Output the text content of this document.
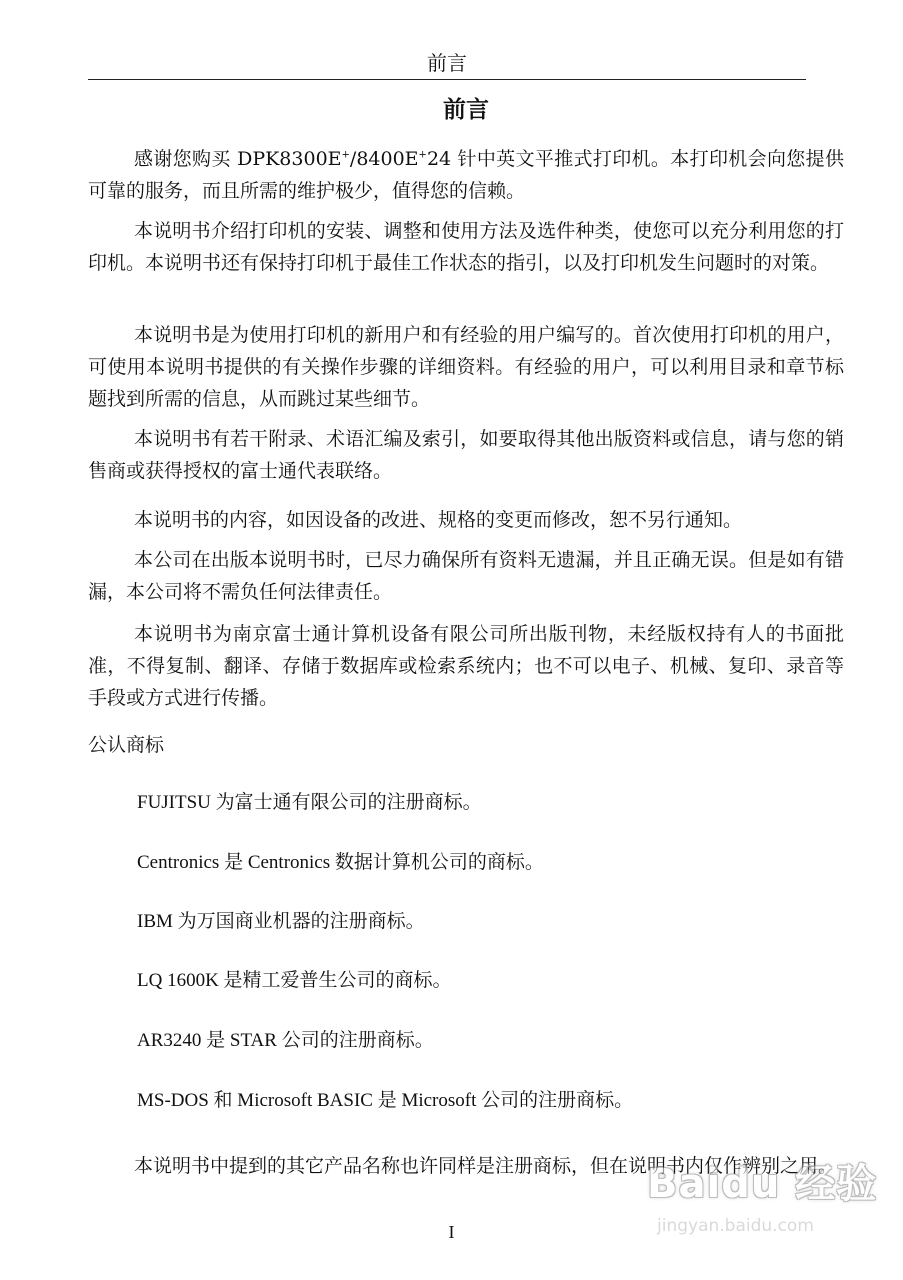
前言
前言

感谢您购买 DPK8300E+/8400E+24 针中英文平推式打印机。本打印机会向您提供可靠的服务，而且所需的维护极少，值得您的信赖。

本说明书介绍打印机的安装、调整和使用方法及选件种类，使您可以充分利用您的打印机。本说明书还有保持打印机于最佳工作状态的指引，以及打印机发生问题时的对策。

本说明书是为使用打印机的新用户和有经验的用户编写的。首次使用打印机的用户，可使用本说明书提供的有关操作步骤的详细资料。有经验的用户，可以利用目录和章节标题找到所需的信息，从而跳过某些细节。

本说明书有若干附录、术语汇编及索引，如要取得其他出版资料或信息，请与您的销售商或获得授权的富士通代表联络。

本说明书的内容，如因设备的改进、规格的变更而修改，恕不另行通知。

本公司在出版本说明书时，已尽力确保所有资料无遗漏，并且正确无误。但是如有错漏，本公司将不需负任何法律责任。

本说明书为南京富士通计算机设备有限公司所出版刊物，未经版权持有人的书面批准，不得复制、翻译、存储于数据库或检索系统内；也不可以电子、机械、复印、录音等手段或方式进行传播。

公认商标
FUJITSU 为富士通有限公司的注册商标。
Centronics 是 Centronics 数据计算机公司的商标。
IBM 为万国商业机器的注册商标。
LQ 1600K 是精工爱普生公司的商标。
AR3240 是 STAR 公司的注册商标。
MS-DOS 和 Microsoft BASIC 是 Microsoft 公司的注册商标。

本说明书中提到的其它产品名称也许同样是注册商标，但在说明书内仅作辨别之用。

I
Baidu 经验
jingyan.baidu.com
